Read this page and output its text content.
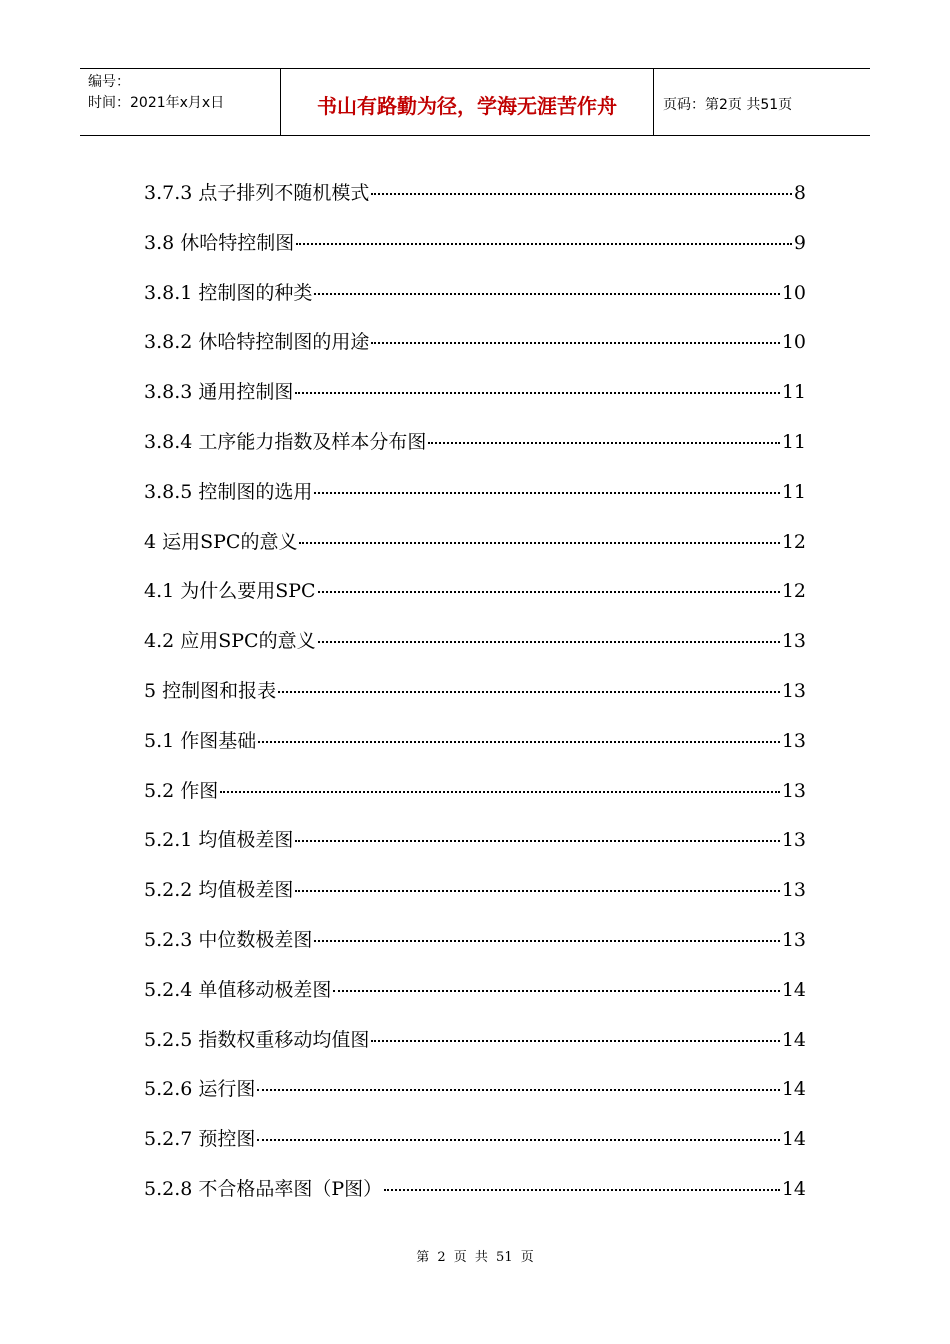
编号：
时间：2021年x月x日	书山有路勤为径，学海无涯苦作舟	页码：第2页 共51页
3.7.3 点子排列不随机模式	8
3.8 休哈特控制图	9
3.8.1 控制图的种类	10
3.8.2 休哈特控制图的用途	10
3.8.3 通用控制图	11
3.8.4 工序能力指数及样本分布图	11
3.8.5 控制图的选用	11
4 运用SPC的意义	12
4.1 为什么要用SPC	12
4.2 应用SPC的意义	13
5 控制图和报表	13
5.1 作图基础	13
5.2 作图	13
5.2.1 均值极差图	13
5.2.2 均值极差图	13
5.2.3 中位数极差图	13
5.2.4 单值移动极差图	14
5.2.5 指数权重移动均值图	14
5.2.6 运行图	14
5.2.7 预控图	14
5.2.8 不合格品率图（P图）	14
第 2 页 共 51 页
